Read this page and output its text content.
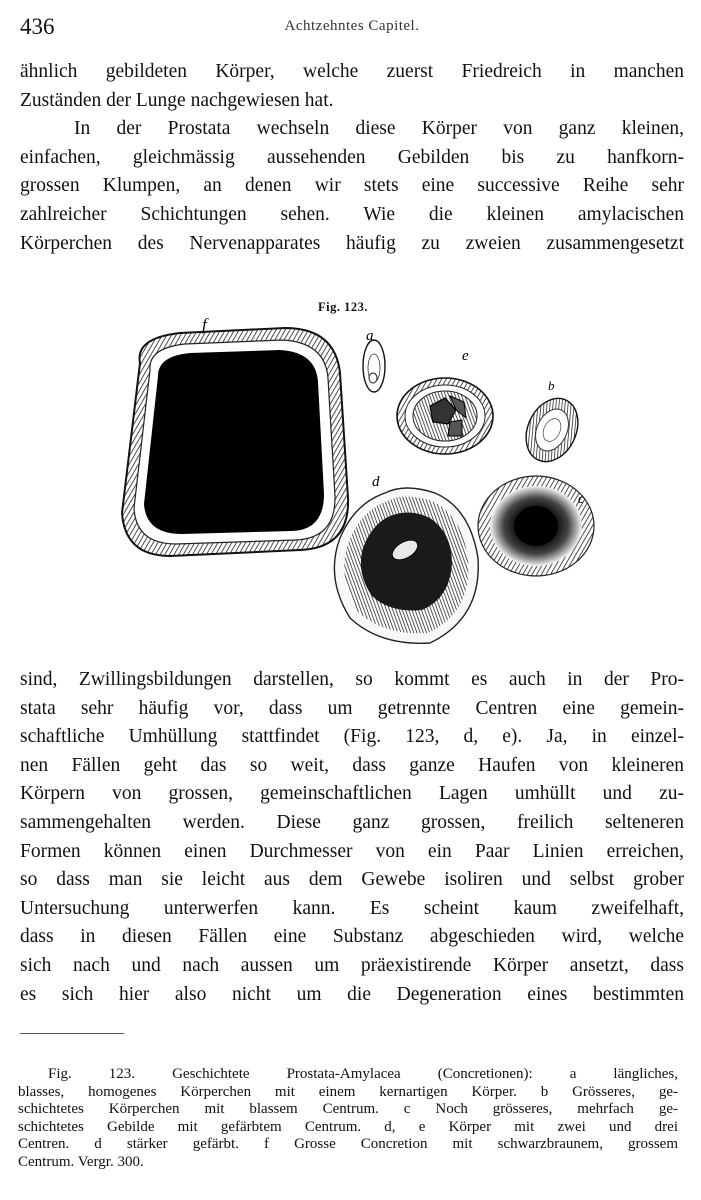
436	Achtzehntes Capitel.
ähnlich gebildeten Körper, welche zuerst Friedreich in manchen
Zuständen der Lunge nachgewiesen hat.
In der Prostata wechseln diese Körper von ganz kleinen,
einfachen, gleichmässig aussehenden Gebilden bis zu hanfkorn-
grossen Klumpen, an denen wir stets eine successive Reihe sehr
zahlreicher Schichtungen sehen. Wie die kleinen amylacischen
Körperchen des Nervenapparates häufig zu zweien zusammengesetzt
Fig. 123.
f
a
e
b
d
c
sind, Zwillingsbildungen darstellen, so kommt es auch in der Pro-
stata sehr häufig vor, dass um getrennte Centren eine gemein-
schaftliche Umhüllung stattfindet (Fig. 123, d, e). Ja, in einzel-
nen Fällen geht das so weit, dass ganze Haufen von kleineren
Körpern von grossen, gemeinschaftlichen Lagen umhüllt und zu-
sammengehalten werden. Diese ganz grossen, freilich selteneren
Formen können einen Durchmesser von ein Paar Linien erreichen,
so dass man sie leicht aus dem Gewebe isoliren und selbst grober
Untersuchung unterwerfen kann. Es scheint kaum zweifelhaft,
dass in diesen Fällen eine Substanz abgeschieden wird, welche
sich nach und nach aussen um präexistirende Körper ansetzt, dass
es sich hier also nicht um die Degeneration eines bestimmten
Fig. 123. Geschichtete Prostata-Amylacea (Concretionen): a längliches,
blasses, homogenes Körperchen mit einem kernartigen Körper. b Grösseres, ge-
schichtetes Körperchen mit blassem Centrum. c Noch grösseres, mehrfach ge-
schichtetes Gebilde mit gefärbtem Centrum. d, e Körper mit zwei und drei
Centren. d stärker gefärbt. f Grosse Concretion mit schwarzbraunem, grossem
Centrum. Vergr. 300.
